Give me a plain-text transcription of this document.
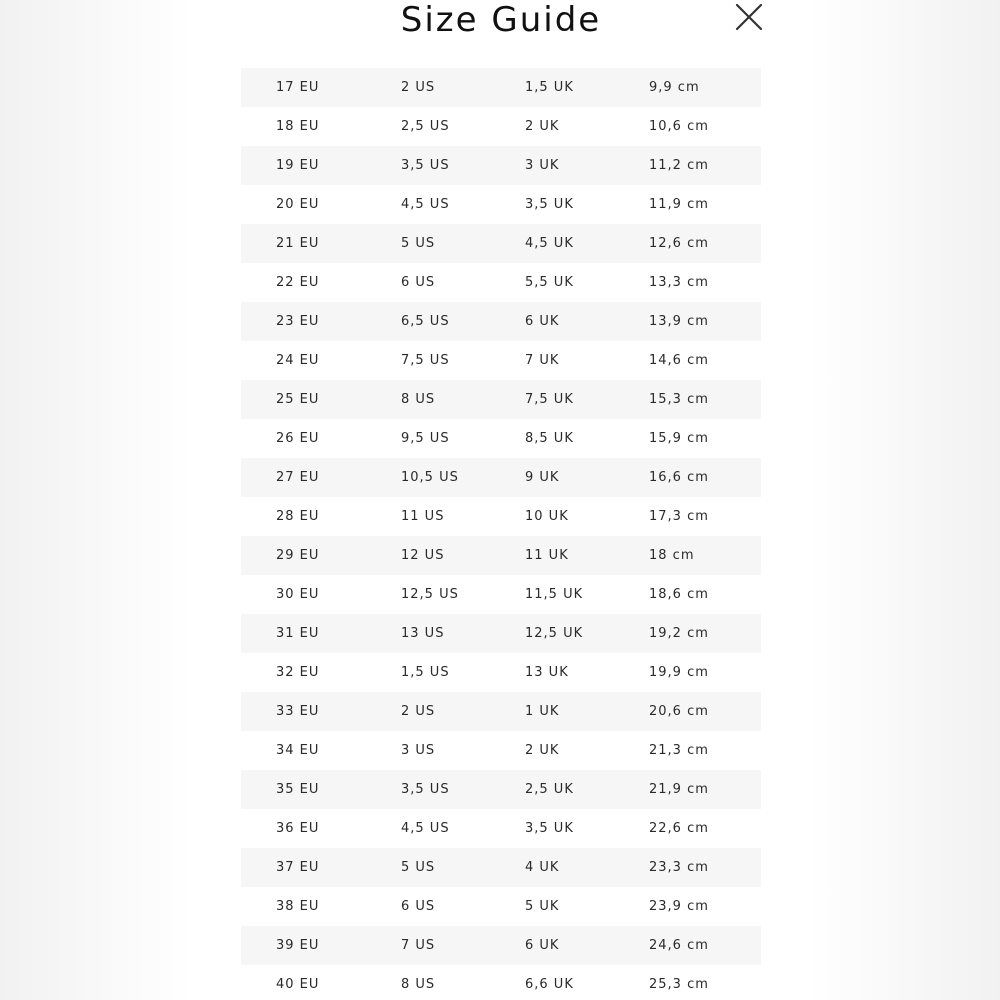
Size Guide
17 EU	2 US	1,5 UK	9,9 cm
18 EU	2,5 US	2 UK	10,6 cm
19 EU	3,5 US	3 UK	11,2 cm
20 EU	4,5 US	3,5 UK	11,9 cm
21 EU	5 US	4,5 UK	12,6 cm
22 EU	6 US	5,5 UK	13,3 cm
23 EU	6,5 US	6 UK	13,9 cm
24 EU	7,5 US	7 UK	14,6 cm
25 EU	8 US	7,5 UK	15,3 cm
26 EU	9,5 US	8,5 UK	15,9 cm
27 EU	10,5 US	9 UK	16,6 cm
28 EU	11 US	10 UK	17,3 cm
29 EU	12 US	11 UK	18 cm
30 EU	12,5 US	11,5 UK	18,6 cm
31 EU	13 US	12,5 UK	19,2 cm
32 EU	1,5 US	13 UK	19,9 cm
33 EU	2 US	1 UK	20,6 cm
34 EU	3 US	2 UK	21,3 cm
35 EU	3,5 US	2,5 UK	21,9 cm
36 EU	4,5 US	3,5 UK	22,6 cm
37 EU	5 US	4 UK	23,3 cm
38 EU	6 US	5 UK	23,9 cm
39 EU	7 US	6 UK	24,6 cm
40 EU	8 US	6,6 UK	25,3 cm
